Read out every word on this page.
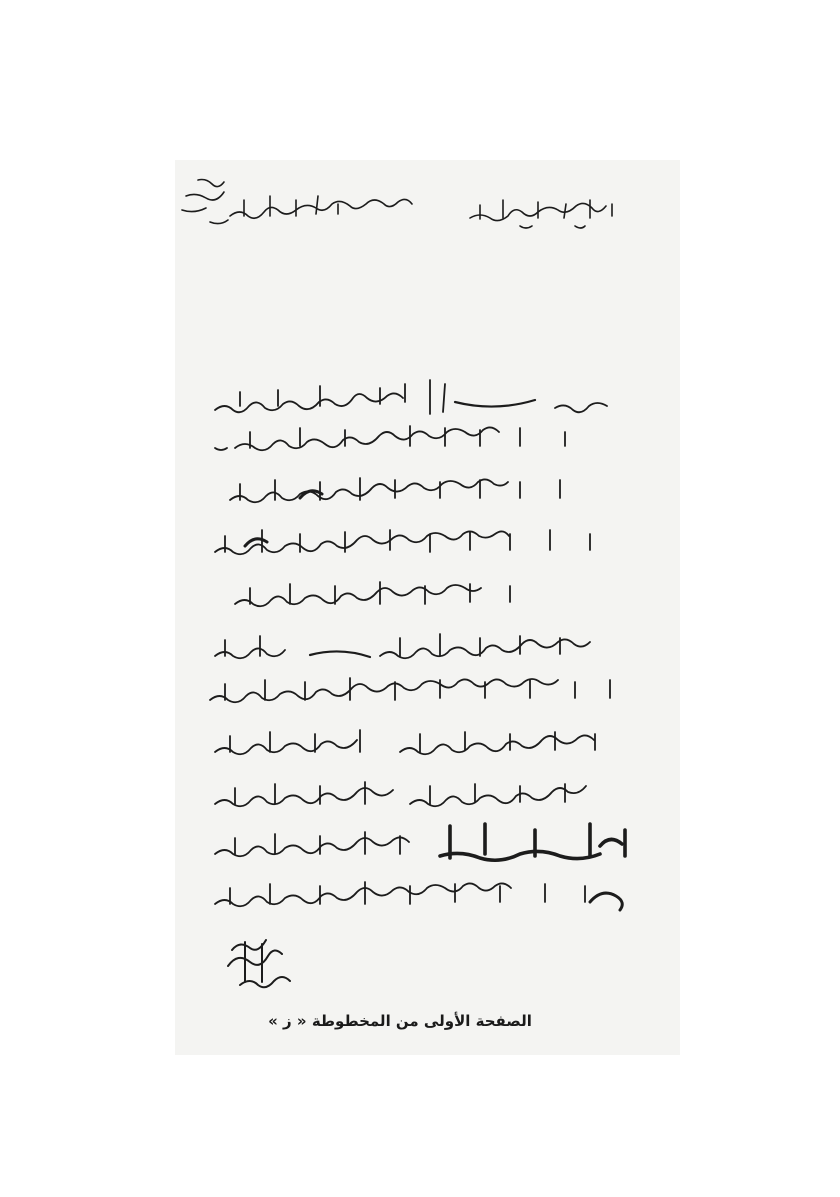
الصفحة الأولى من المخطوطة « ز »
